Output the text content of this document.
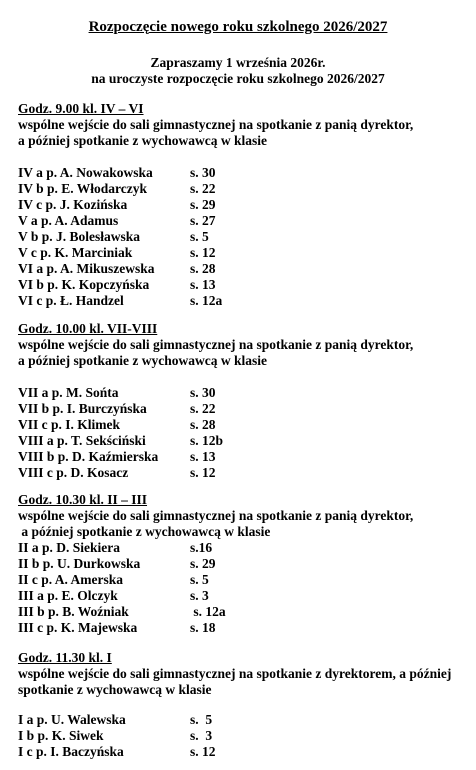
Rozpoczęcie nowego roku szkolnego 2026/2027
Zapraszamy 1 września 2026r.
na uroczyste rozpoczęcie roku szkolnego 2026/2027
Godz. 9.00 kl. IV – VI
wspólne wejście do sali gimnastycznej na spotkanie z panią dyrektor,
a później spotkanie z wychowawcą w klasie
IV a p. A. Nowakowska	s. 30
IV b p. E. Włodarczyk	s. 22
IV c p. J. Kozińska	s. 29
V a p. A. Adamus	s. 27
V b p. J. Bolesławska	s. 5
V c p. K. Marciniak	s. 12
VI a p. A. Mikuszewska	s. 28
VI b p. K. Kopczyńska	s. 13
VI c p. Ł. Handzel	s. 12a
Godz. 10.00 kl. VII-VIII
wspólne wejście do sali gimnastycznej na spotkanie z panią dyrektor,
a później spotkanie z wychowawcą w klasie
VII a p. M. Sońta	s. 30
VII b p. I. Burczyńska	s. 22
VII c p. I. Klimek	s. 28
VIII a p. T. Sekściński	s. 12b
VIII b p. D. Kaźmierska	s. 13
VIII c p. D. Kosacz	s. 12
Godz. 10.30 kl. II – III
wspólne wejście do sali gimnastycznej na spotkanie z panią dyrektor,
a później spotkanie z wychowawcą w klasie
II a p. D. Siekiera	s.16
II b p. U. Durkowska	s. 29
II c p. A. Amerska	s. 5
III a p. E. Olczyk	s. 3
III b p. B. Woźniak	s. 12a
III c p. K. Majewska	s. 18
Godz. 11.30 kl. I
wspólne wejście do sali gimnastycznej na spotkanie z dyrektorem, a później
spotkanie z wychowawcą w klasie
I a p. U. Walewska	s.  5
I b p. K. Siwek	s.  3
I c p. I. Baczyńska	s. 12
